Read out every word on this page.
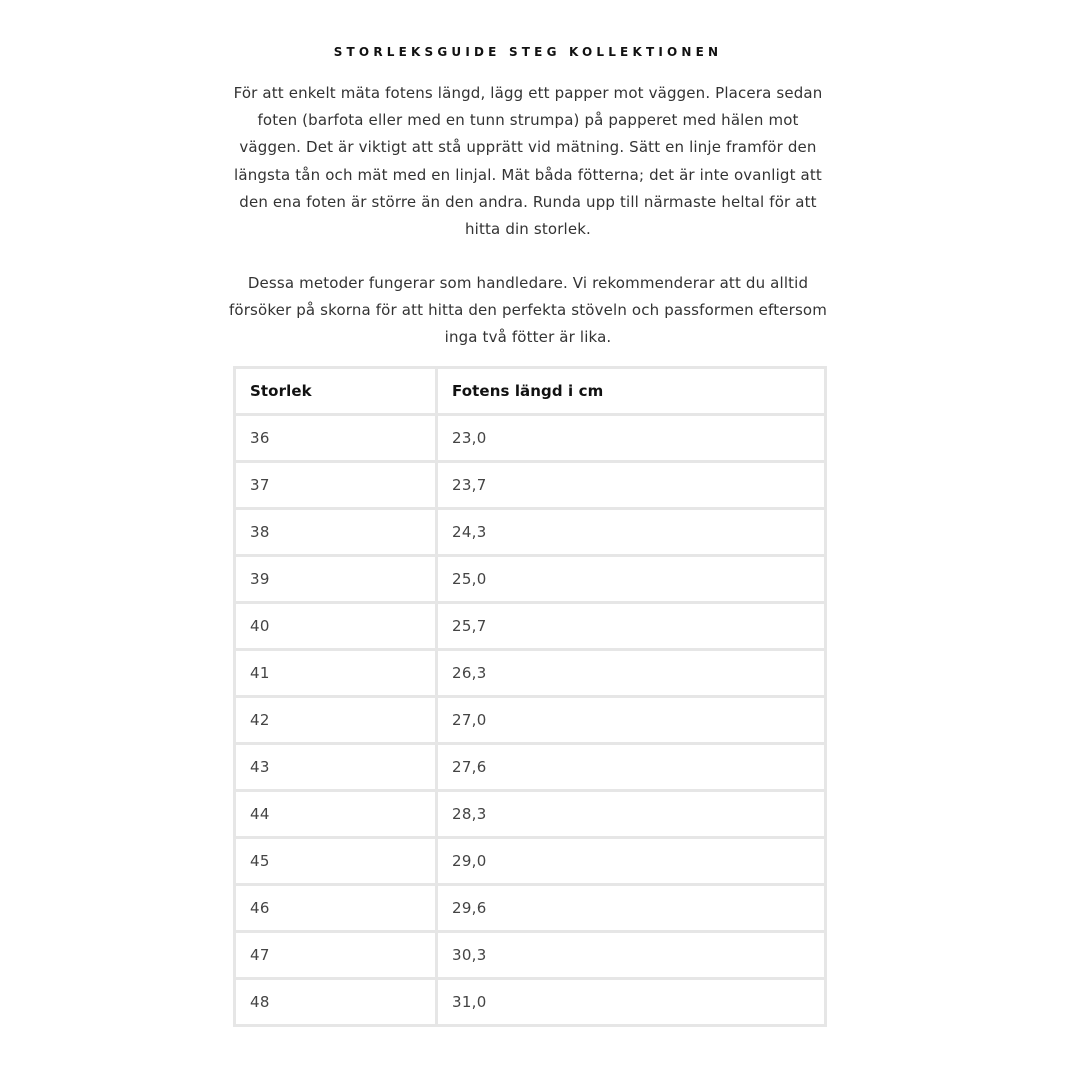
STORLEKSGUIDE STEG KOLLEKTIONEN

För att enkelt mäta fotens längd, lägg ett papper mot väggen. Placera sedan foten (barfota eller med en tunn strumpa) på papperet med hälen mot väggen. Det är viktigt att stå upprätt vid mätning. Sätt en linje framför den längsta tån och mät med en linjal. Mät båda fötterna; det är inte ovanligt att den ena foten är större än den andra. Runda upp till närmaste heltal för att hitta din storlek.

Dessa metoder fungerar som handledare. Vi rekommenderar att du alltid försöker på skorna för att hitta den perfekta stöveln och passformen eftersom inga två fötter är lika.

Storlek	Fotens längd i cm
36	23,0
37	23,7
38	24,3
39	25,0
40	25,7
41	26,3
42	27,0
43	27,6
44	28,3
45	29,0
46	29,6
47	30,3
48	31,0
